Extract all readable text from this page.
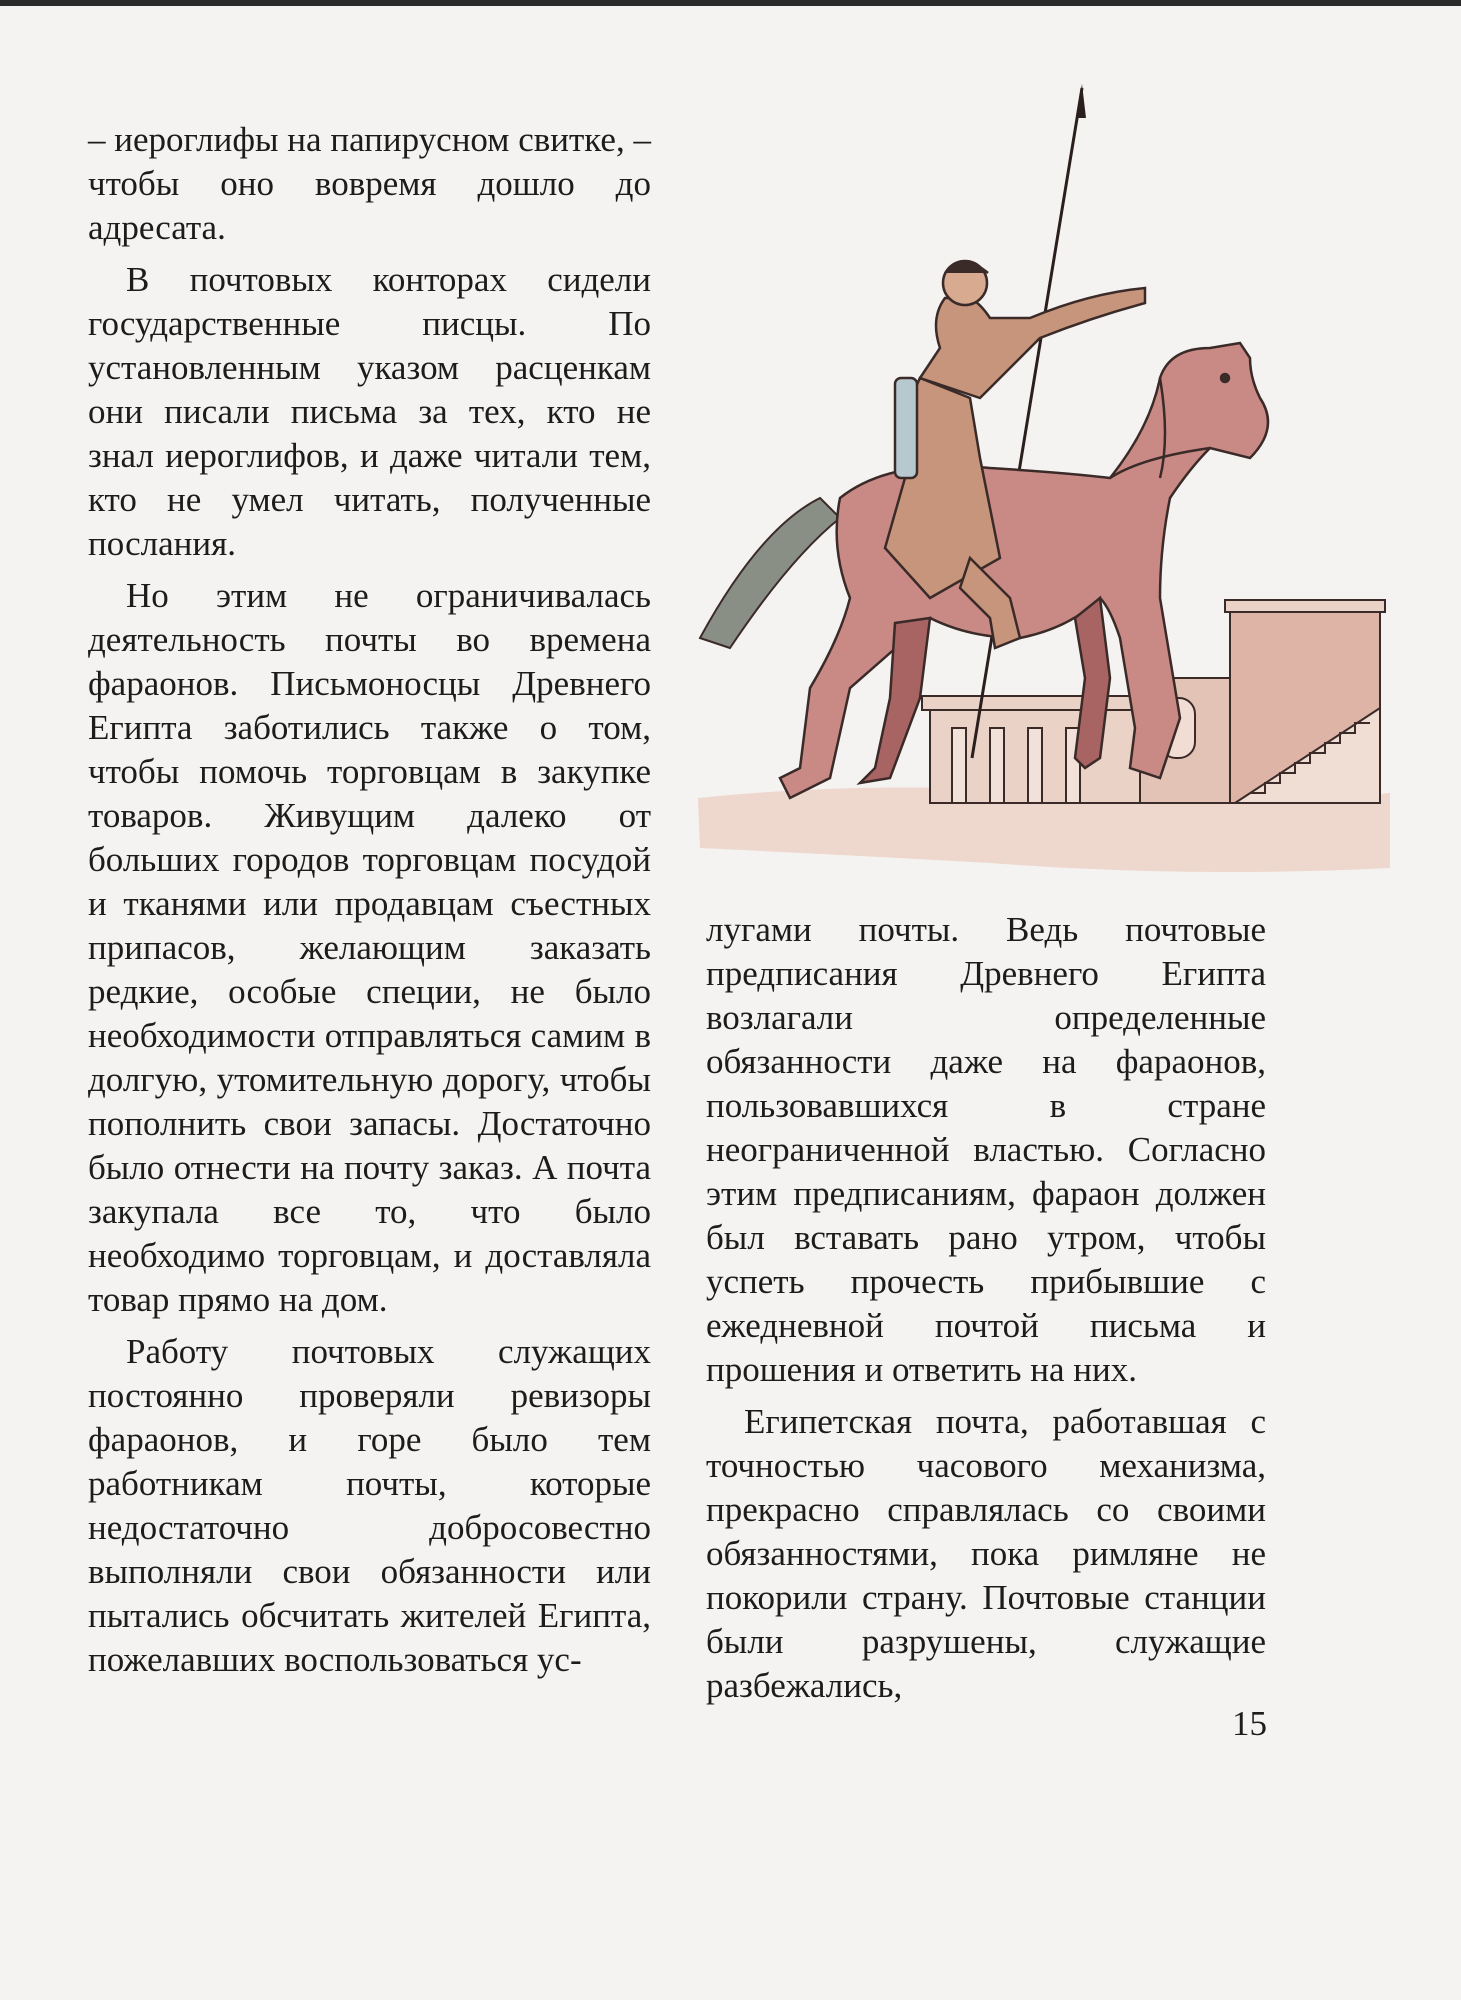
– иероглифы на папирусном свитке, – чтобы оно вовремя дошло до адресата.

В почтовых конторах сидели государственные писцы. По установленным указом расценкам они писали письма за тех, кто не знал иероглифов, и даже читали тем, кто не умел читать, полученные послания.

Но этим не ограничивалась деятельность почты во времена фараонов. Письмоносцы Древнего Египта заботились также о том, чтобы помочь торговцам в закупке товаров. Живущим далеко от больших городов торговцам посудой и тканями или продавцам съестных припасов, желающим заказать редкие, особые специи, не было необходимости отправляться самим в долгую, утомительную дорогу, чтобы пополнить свои запасы. Достаточно было отнести на почту заказ. А почта закупала все то, что было необходимо торговцам, и доставляла товар прямо на дом.

Работу почтовых служащих постоянно проверяли ревизоры фараонов, и горе было тем работникам почты, которые недостаточно добросовестно выполняли свои обязанности или пытались обсчитать жителей Египта, пожелавших воспользоваться ус-

лугами почты. Ведь почтовые предписания Древнего Египта возлагали определенные обязанности даже на фараонов, пользовавшихся в стране неограниченной властью. Согласно этим предписаниям, фараон должен был вставать рано утром, чтобы успеть прочесть прибывшие с ежедневной почтой письма и прошения и ответить на них.

Египетская почта, работавшая с точностью часового механизма, прекрасно справлялась со своими обязанностями, пока римляне не покорили страну. Почтовые станции были разрушены, служащие разбежались,

15
